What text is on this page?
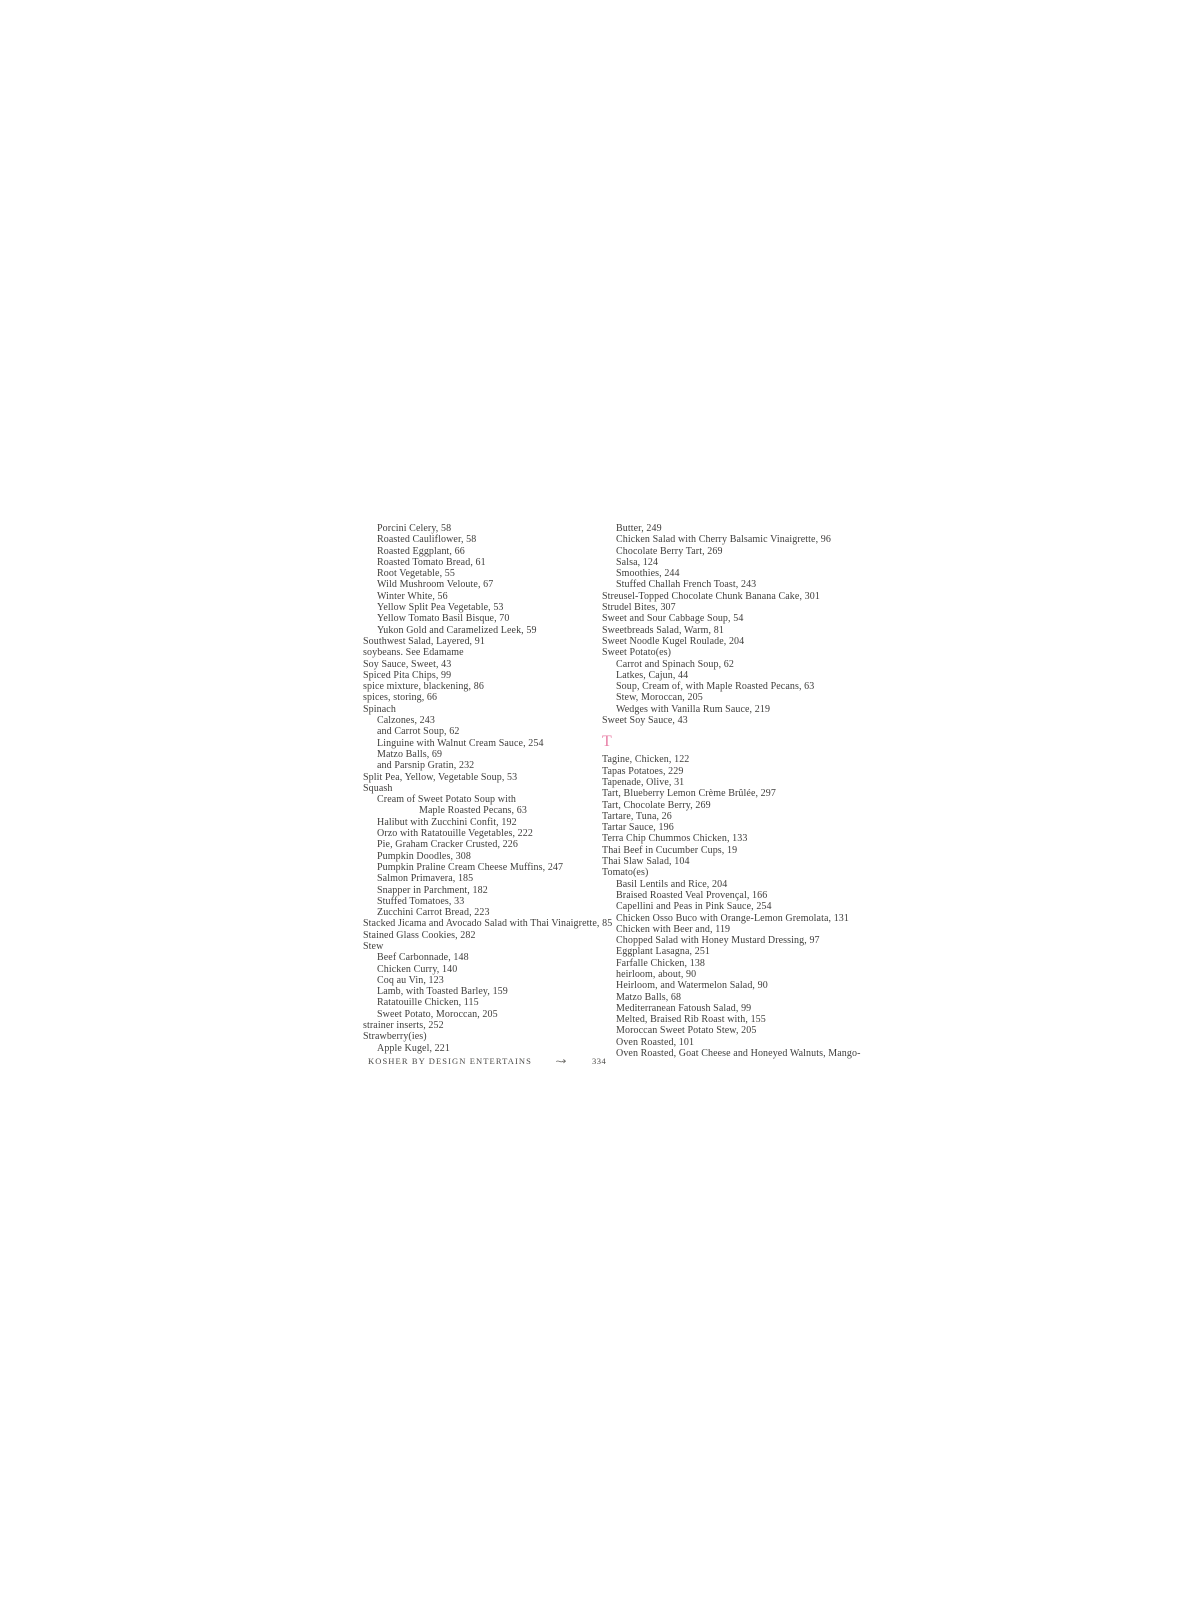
Porcini Celery, 58
Roasted Cauliflower, 58
Roasted Eggplant, 66
Roasted Tomato Bread, 61
Root Vegetable, 55
Wild Mushroom Veloute, 67
Winter White, 56
Yellow Split Pea Vegetable, 53
Yellow Tomato Basil Bisque, 70
Yukon Gold and Caramelized Leek, 59
Southwest Salad, Layered, 91
soybeans. See Edamame
Soy Sauce, Sweet, 43
Spiced Pita Chips, 99
spice mixture, blackening, 86
spices, storing, 66
Spinach
Calzones, 243
and Carrot Soup, 62
Linguine with Walnut Cream Sauce, 254
Matzo Balls, 69
and Parsnip Gratin, 232
Split Pea, Yellow, Vegetable Soup, 53
Squash
Cream of Sweet Potato Soup with
Maple Roasted Pecans, 63
Halibut with Zucchini Confit, 192
Orzo with Ratatouille Vegetables, 222
Pie, Graham Cracker Crusted, 226
Pumpkin Doodles, 308
Pumpkin Praline Cream Cheese Muffins, 247
Salmon Primavera, 185
Snapper in Parchment, 182
Stuffed Tomatoes, 33
Zucchini Carrot Bread, 223
Stacked Jicama and Avocado Salad with Thai Vinaigrette, 85
Stained Glass Cookies, 282
Stew
Beef Carbonnade, 148
Chicken Curry, 140
Coq au Vin, 123
Lamb, with Toasted Barley, 159
Ratatouille Chicken, 115
Sweet Potato, Moroccan, 205
strainer inserts, 252
Strawberry(ies)
Apple Kugel, 221
Butter, 249
Chicken Salad with Cherry Balsamic Vinaigrette, 96
Chocolate Berry Tart, 269
Salsa, 124
Smoothies, 244
Stuffed Challah French Toast, 243
Streusel-Topped Chocolate Chunk Banana Cake, 301
Strudel Bites, 307
Sweet and Sour Cabbage Soup, 54
Sweetbreads Salad, Warm, 81
Sweet Noodle Kugel Roulade, 204
Sweet Potato(es)
Carrot and Spinach Soup, 62
Latkes, Cajun, 44
Soup, Cream of, with Maple Roasted Pecans, 63
Stew, Moroccan, 205
Wedges with Vanilla Rum Sauce, 219
Sweet Soy Sauce, 43
T
Tagine, Chicken, 122
Tapas Potatoes, 229
Tapenade, Olive, 31
Tart, Blueberry Lemon Crème Brûlée, 297
Tart, Chocolate Berry, 269
Tartare, Tuna, 26
Tartar Sauce, 196
Terra Chip Chummos Chicken, 133
Thai Beef in Cucumber Cups, 19
Thai Slaw Salad, 104
Tomato(es)
Basil Lentils and Rice, 204
Braised Roasted Veal Provençal, 166
Capellini and Peas in Pink Sauce, 254
Chicken Osso Buco with Orange-Lemon Gremolata, 131
Chicken with Beer and, 119
Chopped Salad with Honey Mustard Dressing, 97
Eggplant Lasagna, 251
Farfalle Chicken, 138
heirloom, about, 90
Heirloom, and Watermelon Salad, 90
Matzo Balls, 68
Mediterranean Fatoush Salad, 99
Melted, Braised Rib Roast with, 155
Moroccan Sweet Potato Stew, 205
Oven Roasted, 101
Oven Roasted, Goat Cheese and Honeyed Walnuts, Mango-
KOSHER BY DESIGN ENTERTAINS	334
